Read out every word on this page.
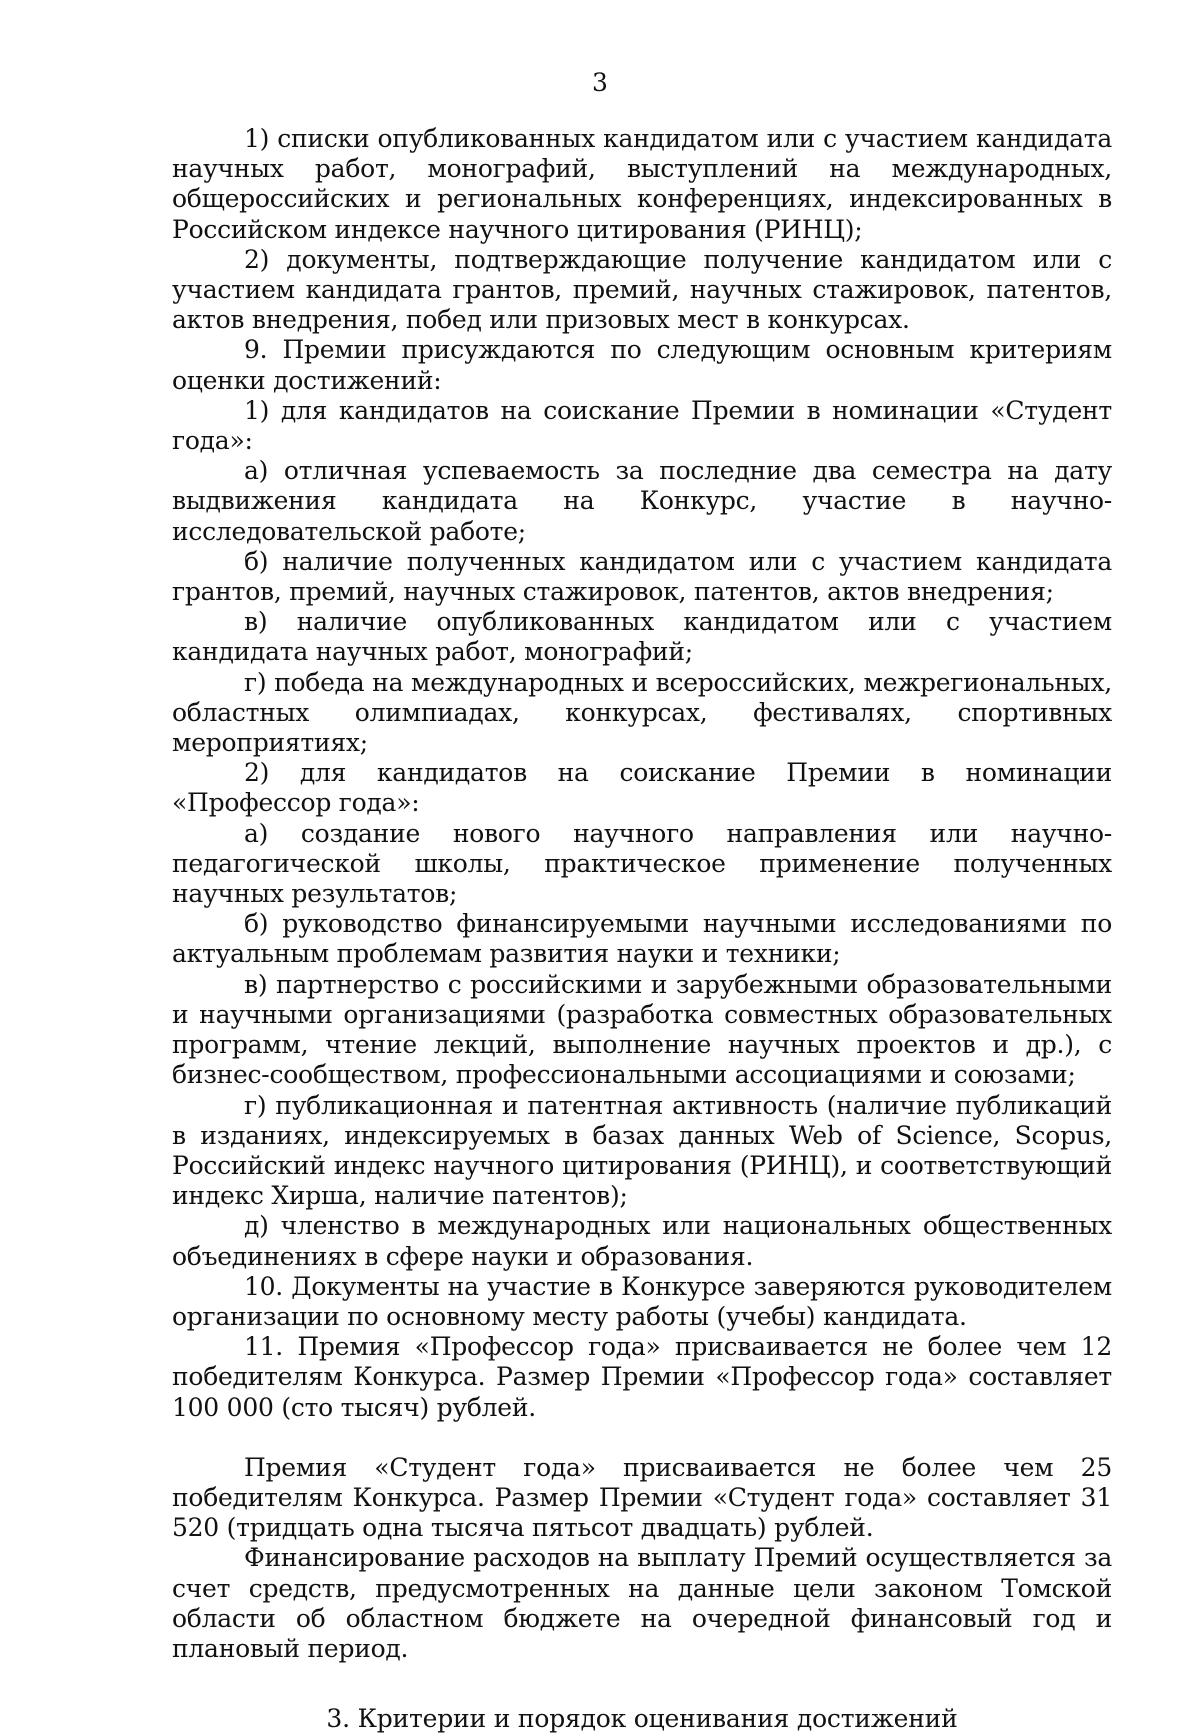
3

1) списки опубликованных кандидатом или с участием кандидата научных работ, монографий, выступлений на международных, общероссийских и региональных конференциях, индексированных в Российском индексе научного цитирования (РИНЦ);

2) документы, подтверждающие получение кандидатом или с участием кандидата грантов, премий, научных стажировок, патентов, актов внедрения, побед или призовых мест в конкурсах.

9. Премии присуждаются по следующим основным критериям оценки достижений:

1) для кандидатов на соискание Премии в номинации «Студент года»:

а) отличная успеваемость за последние два семестра на дату выдвижения кандидата на Конкурс, участие в научно-исследовательской работе;

б) наличие полученных кандидатом или с участием кандидата грантов, премий, научных стажировок, патентов, актов внедрения;

в) наличие опубликованных кандидатом или с участием кандидата научных работ, монографий;

г) победа на международных и всероссийских, межрегиональных, областных олимпиадах, конкурсах, фестивалях, спортивных мероприятиях;

2) для кандидатов на соискание Премии в номинации «Профессор года»:

а) создание нового научного направления или научно-педагогической школы, практическое применение полученных научных результатов;

б) руководство финансируемыми научными исследованиями по актуальным проблемам развития науки и техники;

в) партнерство с российскими и зарубежными образовательными и научными организациями (разработка совместных образовательных программ, чтение лекций, выполнение научных проектов и др.), с бизнес-сообществом, профессиональными ассоциациями и союзами;

г) публикационная и патентная активность (наличие публикаций в изданиях, индексируемых в базах данных Web of Science, Scopus, Российский индекс научного цитирования (РИНЦ), и соответствующий индекс Хирша, наличие патентов);

д) членство в международных или национальных общественных объединениях в сфере науки и образования.

10. Документы на участие в Конкурсе заверяются руководителем организации по основному месту работы (учебы) кандидата.

11. Премия «Профессор года» присваивается не более чем 12 победителям Конкурса. Размер Премии «Профессор года» составляет 100 000 (сто тысяч) рублей.

Премия «Студент года» присваивается не более чем 25 победителям Конкурса. Размер Премии «Студент года» составляет 31 520 (тридцать одна тысяча пятьсот двадцать) рублей.

Финансирование расходов на выплату Премий осуществляется за счет средств, предусмотренных на данные цели законом Томской области об областном бюджете на очередной финансовый год и плановый период.

3. Критерии и порядок оценивания достижений
